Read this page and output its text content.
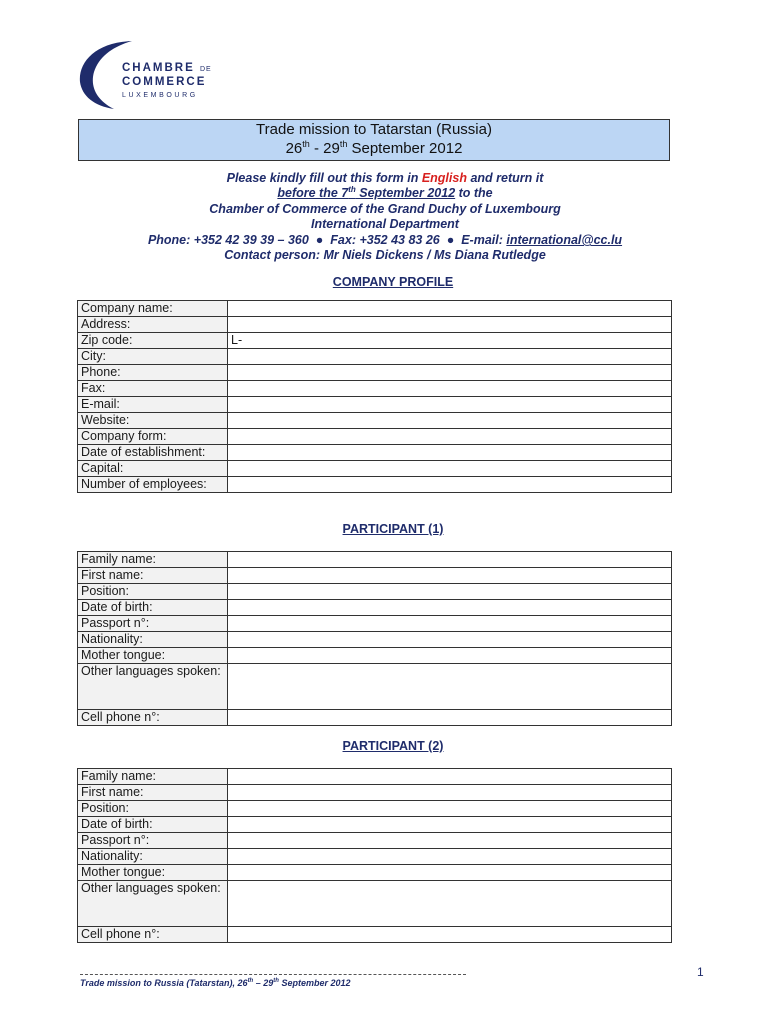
CHAMBRE DE
COMMERCE
LUXEMBOURG
Trade mission to Tatarstan (Russia)
26th - 29th September 2012
Please kindly fill out this form in English and return it
before the 7th September 2012 to the
Chamber of Commerce of the Grand Duchy of Luxembourg
International Department
Phone: +352 42 39 39 – 360 ● Fax: +352 43 83 26 ● E-mail: international@cc.lu
Contact person: Mr Niels Dickens / Ms Diana Rutledge
COMPANY PROFILE
Company name:	
Address:	
Zip code:	L-
City:	
Phone:	
Fax:	
E-mail:	
Website:	
Company form:	
Date of establishment:	
Capital:	
Number of employees:	
PARTICIPANT (1)
Family name:	
First name:	
Position:	
Date of birth:	
Passport n°:	
Nationality:	
Mother tongue:	
Other languages spoken:	
Cell phone n°:	
PARTICIPANT (2)
Family name:	
First name:	
Position:	
Date of birth:	
Passport n°:	
Nationality:	
Mother tongue:	
Other languages spoken:	
Cell phone n°:	
Trade mission to Russia (Tatarstan), 26th – 29th September 2012
1
